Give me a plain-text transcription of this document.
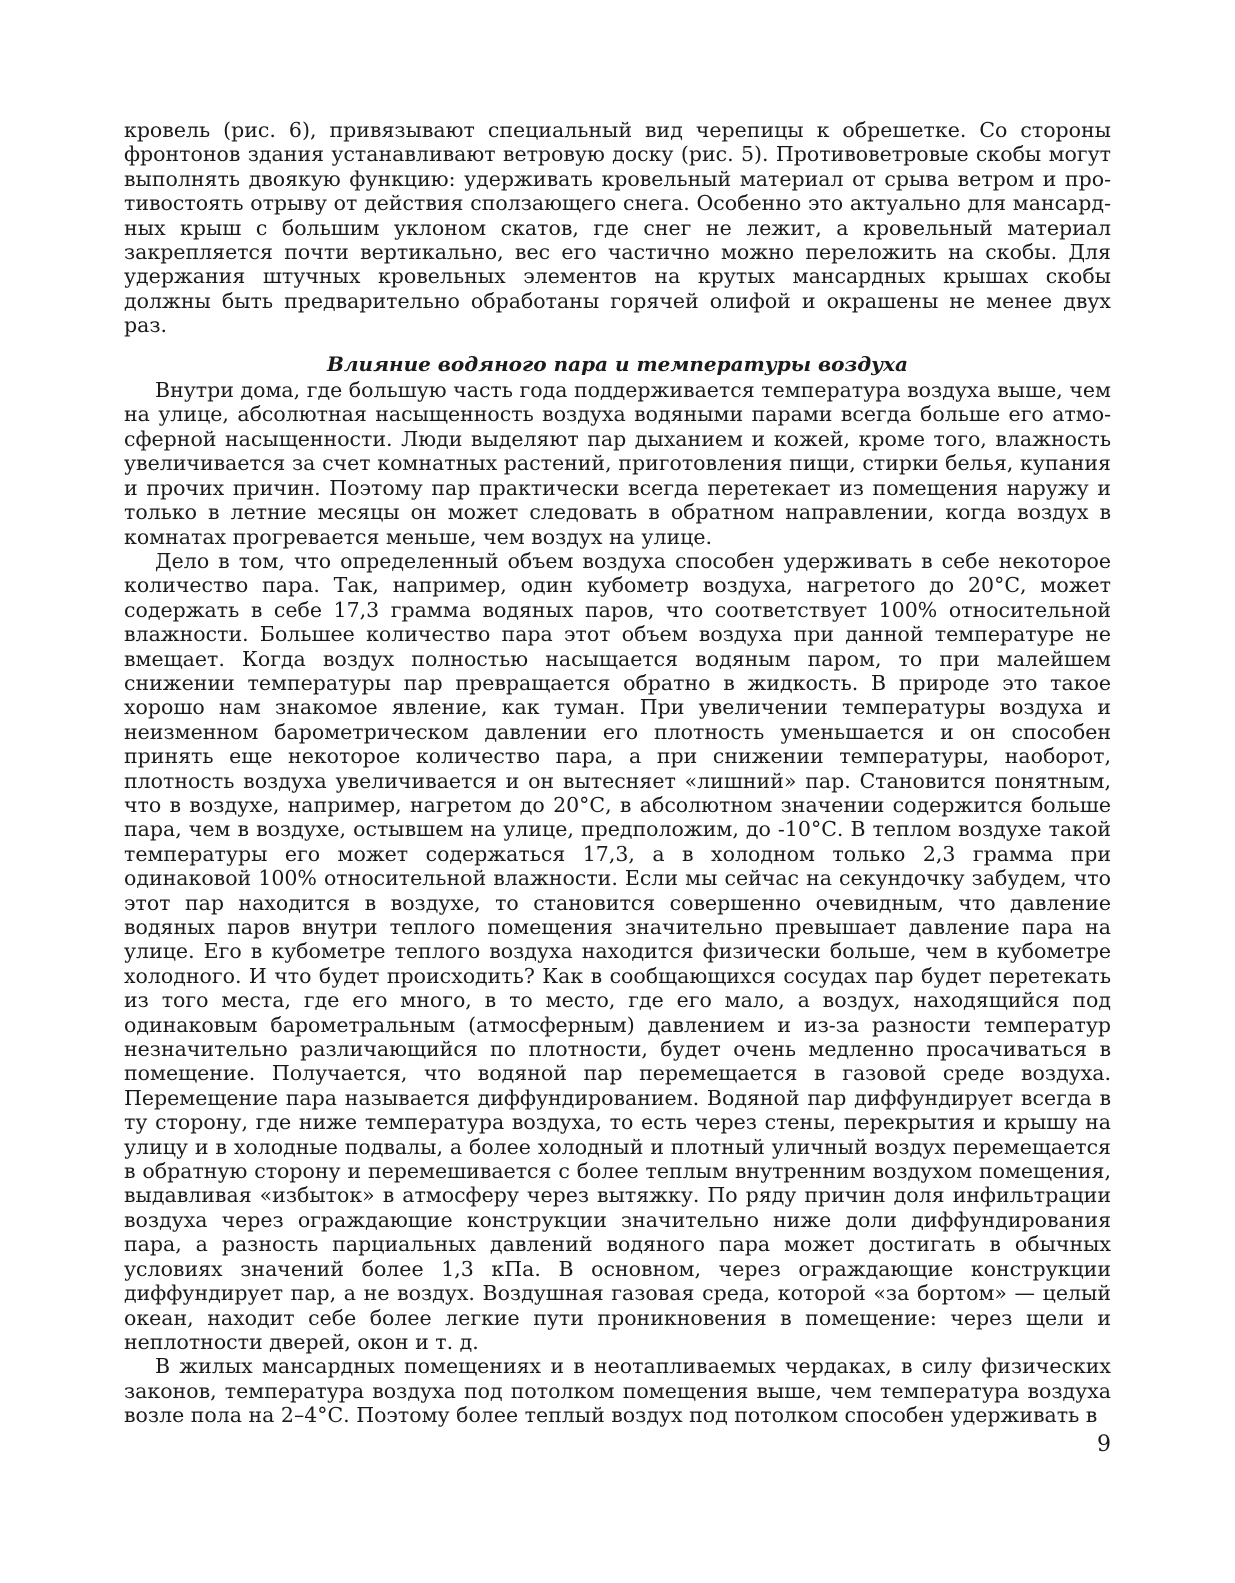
кровель (рис. 6), привязывают специальный вид черепицы к обрешетке. Со стороны фронтонов здания устанавливают ветровую доску (рис. 5). Противоветровые скобы могут выполнять двоякую функцию: удерживать кровельный материал от срыва ветром и противостоять отрыву от действия сползающего снега. Особенно это актуально для мансардных крыш с большим уклоном скатов, где снег не лежит, а кровельный материал закрепляется почти вертикально, вес его частично можно переложить на скобы. Для удержания штучных кровельных элементов на крутых мансардных крышах скобы должны быть предварительно обработаны горячей олифой и окрашены не менее двух раз.

Влияние водяного пара и температуры воздуха

Внутри дома, где большую часть года поддерживается температура воздуха выше, чем на улице, абсолютная насыщенность воздуха водяными парами всегда больше его атмосферной насыщенности. Люди выделяют пар дыханием и кожей, кроме того, влажность увеличивается за счет комнатных растений, приготовления пищи, стирки белья, купания и прочих причин. Поэтому пар практически всегда перетекает из помещения наружу и только в летние месяцы он может следовать в обратном направлении, когда воздух в комнатах прогревается меньше, чем воздух на улице.

Дело в том, что определенный объем воздуха способен удерживать в себе некоторое количество пара. Так, например, один кубометр воздуха, нагретого до 20°С, может содержать в себе 17,3 грамма водяных паров, что соответствует 100% относительной влажности. Большее количество пара этот объем воздуха при данной температуре не вмещает. Когда воздух полностью насыщается водяным паром, то при малейшем снижении температуры пар превращается обратно в жидкость. В природе это такое хорошо нам знакомое явление, как туман. При увеличении температуры воздуха и неизменном барометрическом давлении его плотность уменьшается и он способен принять еще некоторое количество пара, а при снижении температуры, наоборот, плотность воздуха увеличивается и он вытесняет «лишний» пар. Становится понятным, что в воздухе, например, нагретом до 20°С, в абсолютном значении содержится больше пара, чем в воздухе, остывшем на улице, предположим, до -10°С. В теплом воздухе такой температуры его может содержаться 17,3, а в холодном только 2,3 грамма при одинаковой 100% относительной влажности. Если мы сейчас на секундочку забудем, что этот пар находится в воздухе, то становится совершенно очевидным, что давление водяных паров внутри теплого помещения значительно превышает давление пара на улице. Его в кубометре теплого воздуха находится физически больше, чем в кубометре холодного. И что будет происходить? Как в сообщающихся сосудах пар будет перетекать из того места, где его много, в то место, где его мало, а воздух, находящийся под одинаковым барометральным (атмосферным) давлением и из-за разности температур незначительно различающийся по плотности, будет очень медленно просачиваться в помещение. Получается, что водяной пар перемещается в газовой среде воздуха. Перемещение пара называется диффундированием. Водяной пар диффундирует всегда в ту сторону, где ниже температура воздуха, то есть через стены, перекрытия и крышу на улицу и в холодные подвалы, а более холодный и плотный уличный воздух перемещается в обратную сторону и перемешивается с более теплым внутренним воздухом помещения, выдавливая «избыток» в атмосферу через вытяжку. По ряду причин доля инфильтрации воздуха через ограждающие конструкции значительно ниже доли диффундирования пара, а разность парциальных давлений водяного пара может достигать в обычных условиях значений более 1,3 кПа. В основном, через ограждающие конструкции диффундирует пар, а не воздух. Воздушная газовая среда, которой «за бортом» — целый океан, находит себе более легкие пути проникновения в помещение: через щели и неплотности дверей, окон и т. д.

В жилых мансардных помещениях и в неотапливаемых чердаках, в силу физических законов, температура воздуха под потолком помещения выше, чем температура воздуха возле пола на 2–4°С. Поэтому более теплый воздух под потолком способен удерживать в

9
